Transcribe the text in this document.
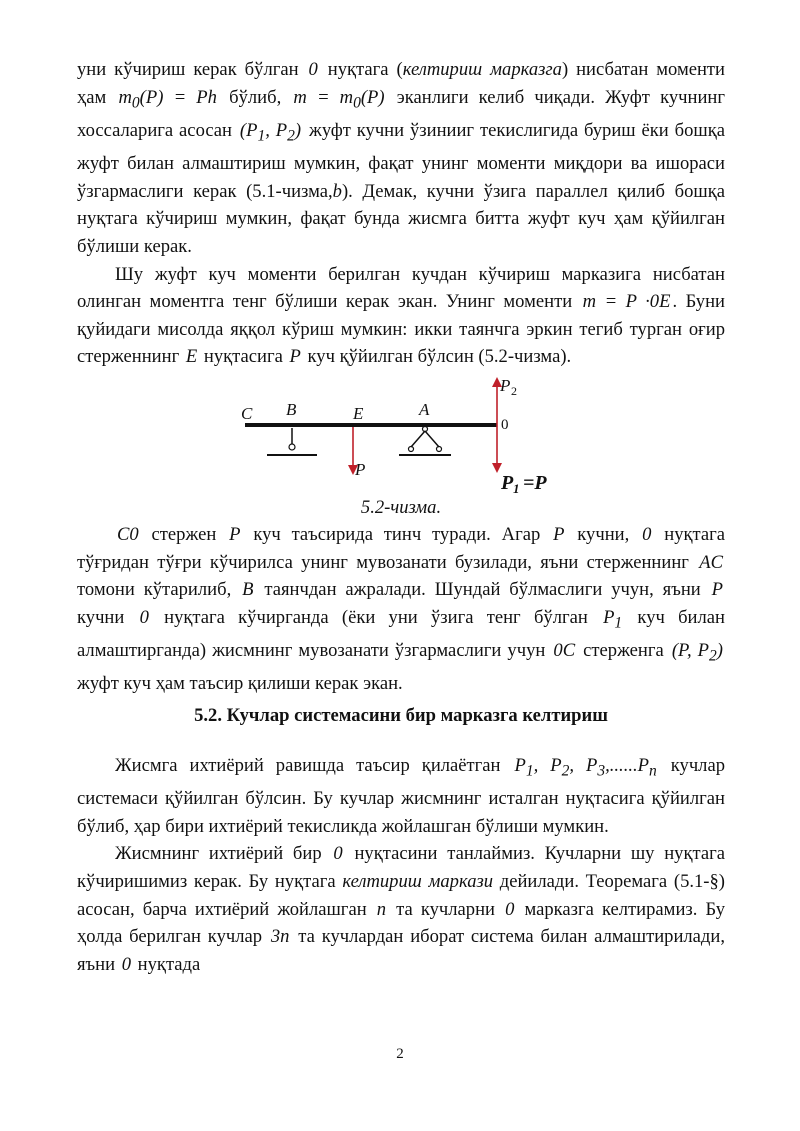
уни кўчириш керак бўлган 0 нуқтага (келтириш марказга) нисбатан моменти ҳам $m_0(P) = Ph$ бўлиб, $m = m_0(P)$ эканлиги келиб чиқади. Жуфт кучнинг хоссаларига асосан ($P_1$, $P_2$) жуфт кучни ўзинииг текислигида буриш ёки бошқа жуфт билан алмаштириш мумкин, фақат унинг моменти миқдори ва ишораси ўзгармаслиги керак (5.1-чизма,b). Демак, кучни ўзига параллел қилиб бошқа нуқтага кўчириш мумкин, фақат бунда жисмга битта жуфт куч ҳам қўйилган бўлиши керак.

Шу жуфт куч моменти берилган кучдан кўчириш марказига нисбатан олинган моментга тенг бўлиши керак экан. Унинг моменти m = P ·0E . Буни қуйидаги мисолда яққол кўриш мумкин: икки таянчга эркин тегиб турган оғир стерженнинг E нуқтасига P куч қўйилган бўлсин (5.2-чизма).

C B	E	A
0
P
P 2
P 1 =P
5.2-чизма.

C0 стержен P куч таъсирида тинч туради. Агар P кучни, 0 нуқтага тўғридан тўғри кўчирилса унинг мувозанати бузилади, яъни стерженнинг AC томони кўтарилиб, B таянчдан ажралади. Шундай бўлмаслиги учун, яъни P кучни 0 нуқтага кўчирганда (ёки уни ўзига тенг бўлган $P_1$ куч билан алмаштирганда) жисмнинг мувозанати ўзгармаслиги учун 0C стерженга (P, $P_2$) жуфт куч ҳам таъсир қилиши керак экан.

5.2. Кучлар системасини бир марказга келтириш

Жисмга ихтиёрий равишда таъсир қилаётган $P_1$, $P_2$, $P_3,......P_n$ кучлар системаси қўйилган бўлсин. Бу кучлар жисмнинг исталган нуқтасига қўйилган бўлиб, ҳар бири ихтиёрий текисликда жойлашган бўлиши мумкин.

Жисмнинг ихтиёрий бир 0 нуқтасини танлаймиз. Кучларни шу нуқтага кўчиришимиз керак. Бу нуқтага келтириш маркази дейилади. Теоремага (5.1-§) асосан, барча ихтиёрий жойлашган n та кучларни 0 марказга келтирамиз. Бу ҳолда берилган кучлар 3n та кучлардан иборат система билан алмаштирилади, яъни 0 нуқтада

2
